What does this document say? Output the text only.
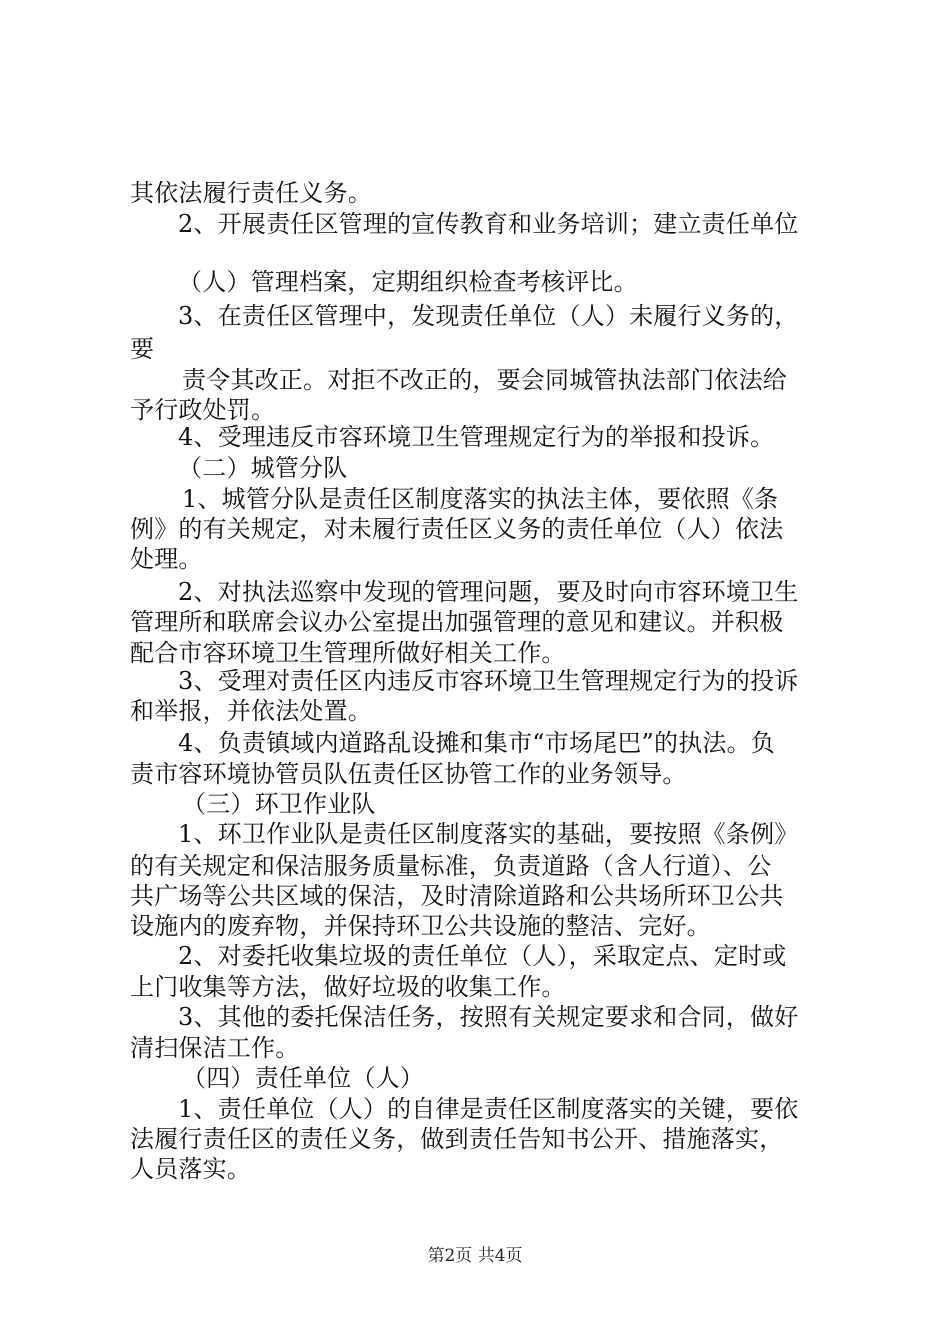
其依法履行责任义务。
2、开展责任区管理的宣传教育和业务培训；建立责任单位
（人）管理档案，定期组织检查考核评比。
3、在责任区管理中，发现责任单位（人）未履行义务的，
要
责令其改正。对拒不改正的，要会同城管执法部门依法给
予行政处罚。
4、受理违反市容环境卫生管理规定行为的举报和投诉。
（二）城管分队
1、城管分队是责任区制度落实的执法主体，要依照《条
例》的有关规定，对未履行责任区义务的责任单位（人）依法
处理。
2、对执法巡察中发现的管理问题，要及时向市容环境卫生
管理所和联席会议办公室提出加强管理的意见和建议。并积极
配合市容环境卫生管理所做好相关工作。
3、受理对责任区内违反市容环境卫生管理规定行为的投诉
和举报，并依法处置。
4、负责镇域内道路乱设摊和集市“市场尾巴”的执法。负
责市容环境协管员队伍责任区协管工作的业务领导。
（三）环卫作业队
1、环卫作业队是责任区制度落实的基础，要按照《条例》
的有关规定和保洁服务质量标准，负责道路（含人行道）、公
共广场等公共区域的保洁，及时清除道路和公共场所环卫公共
设施内的废弃物，并保持环卫公共设施的整洁、完好。
2、对委托收集垃圾的责任单位（人），采取定点、定时或
上门收集等方法，做好垃圾的收集工作。
3、其他的委托保洁任务，按照有关规定要求和合同，做好
清扫保洁工作。
（四）责任单位（人）
1、责任单位（人）的自律是责任区制度落实的关键，要依
法履行责任区的责任义务，做到责任告知书公开、措施落实，
人员落实。
第2页 共4页
